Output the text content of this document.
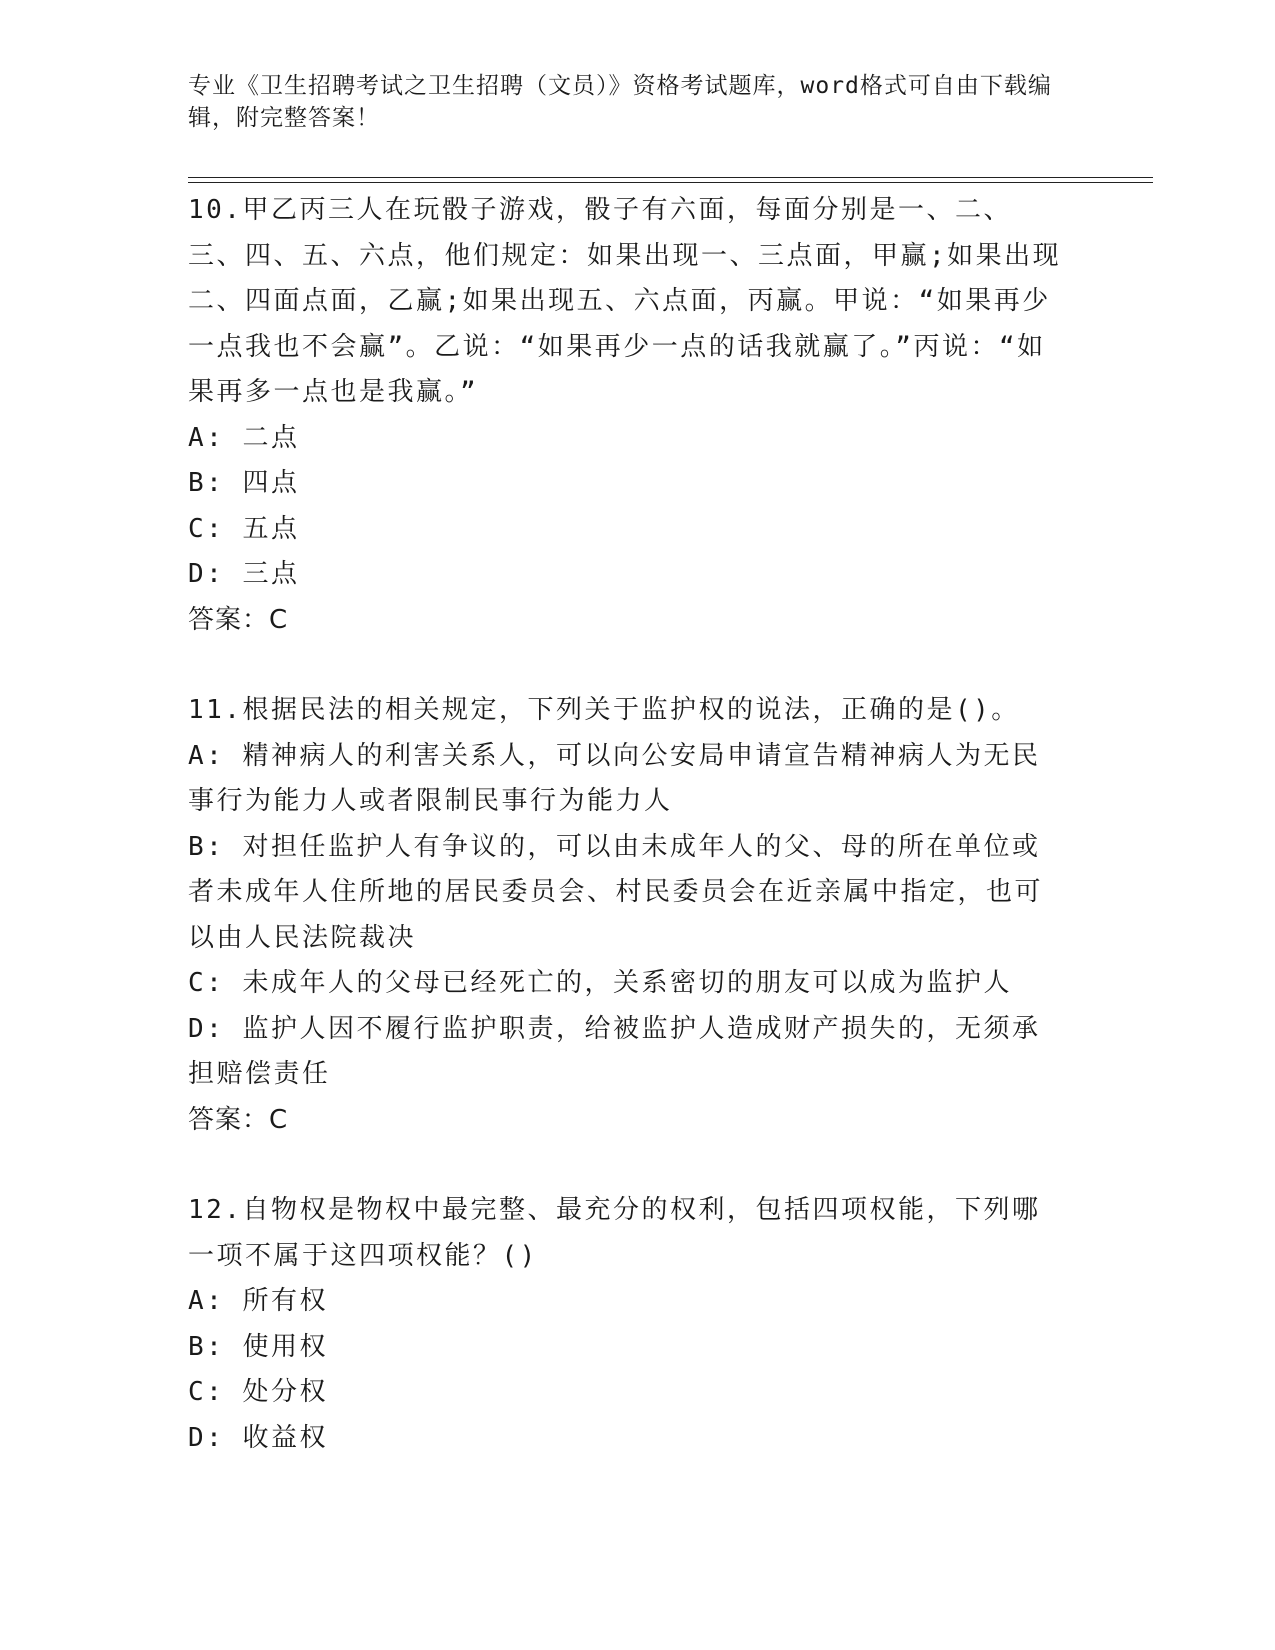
专业《卫生招聘考试之卫生招聘（文员）》资格考试题库，word格式可自由下载编辑，附完整答案！

10.甲乙丙三人在玩骰子游戏，骰子有六面，每面分别是一、二、三、四、五、六点，他们规定：如果出现一、三点面，甲赢;如果出现二、四面点面，乙赢;如果出现五、六点面，丙赢。甲说：“如果再少一点我也不会赢”。乙说：“如果再少一点的话我就赢了。”丙说：“如果再多一点也是我赢。”

A: 二点

B: 四点

C: 五点

D: 三点

答案：C

11.根据民法的相关规定，下列关于监护权的说法，正确的是()。

A: 精神病人的利害关系人，可以向公安局申请宣告精神病人为无民事行为能力人或者限制民事行为能力人

B: 对担任监护人有争议的，可以由未成年人的父、母的所在单位或者未成年人住所地的居民委员会、村民委员会在近亲属中指定，也可以由人民法院裁决

C: 未成年人的父母已经死亡的，关系密切的朋友可以成为监护人

D: 监护人因不履行监护职责，给被监护人造成财产损失的，无须承担赔偿责任

答案：C

12.自物权是物权中最完整、最充分的权利，包括四项权能，下列哪一项不属于这四项权能？()

A: 所有权

B: 使用权

C: 处分权

D: 收益权
